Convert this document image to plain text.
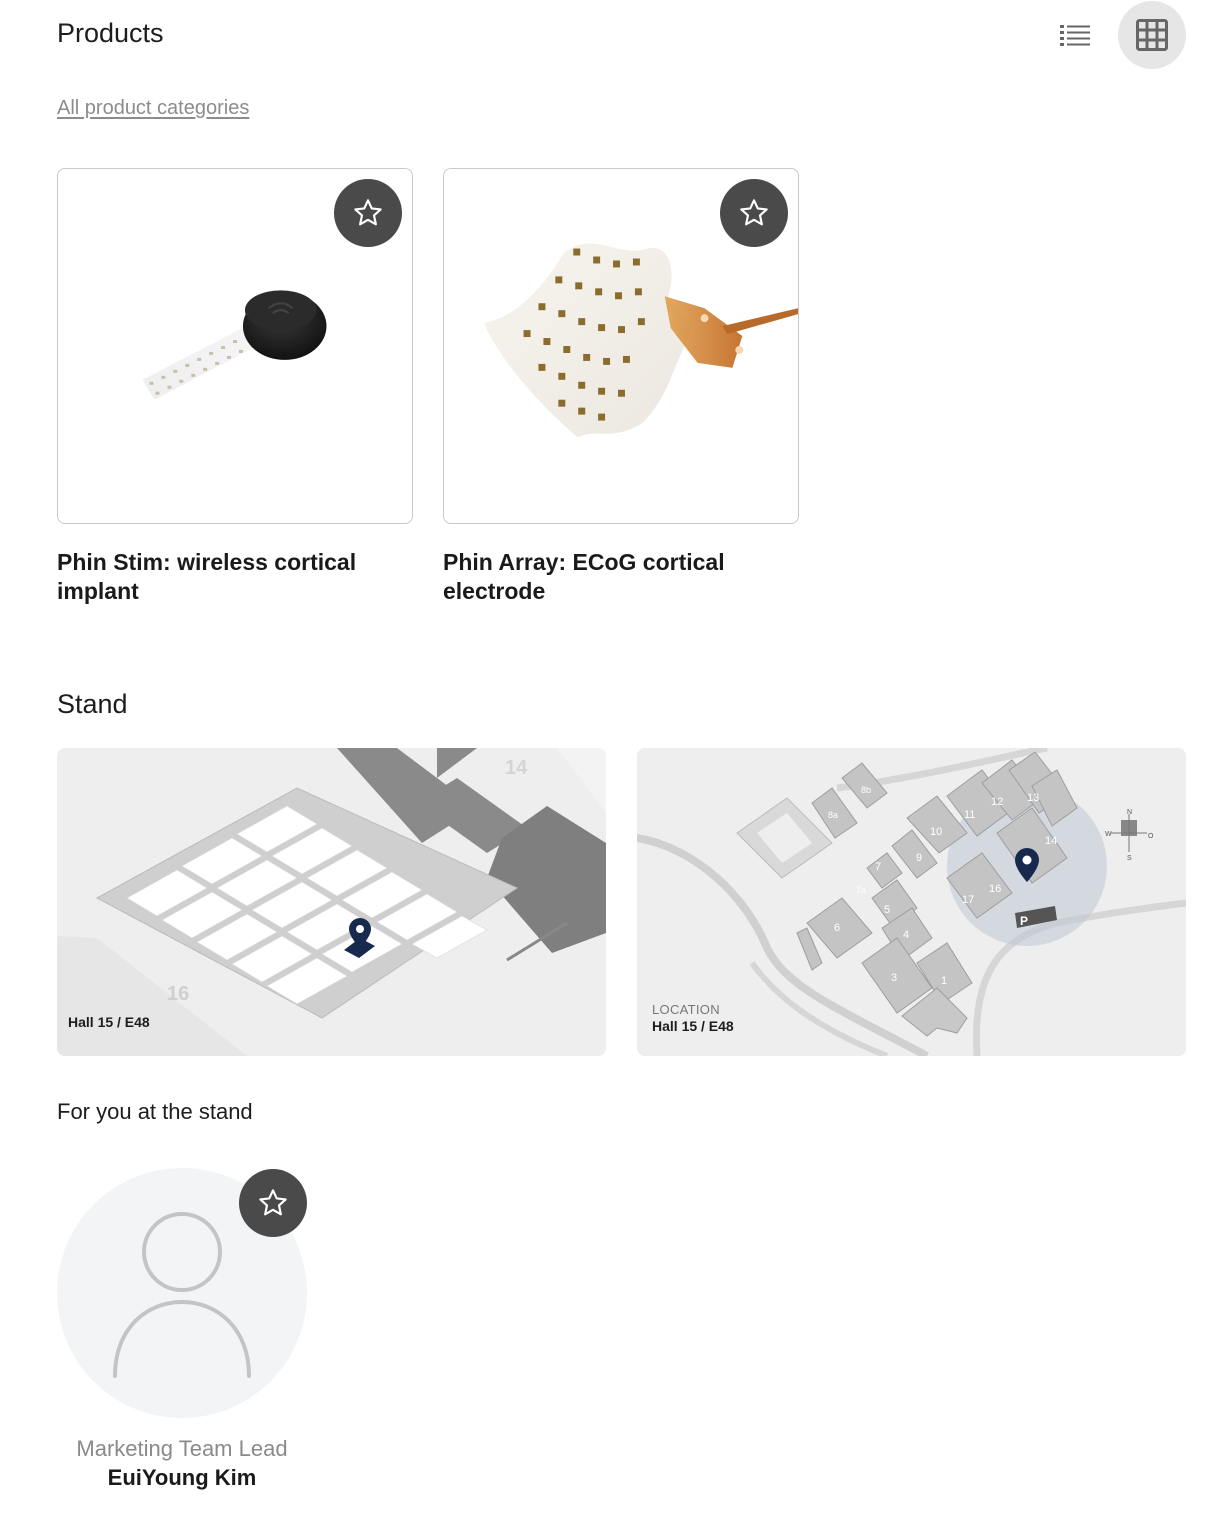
Products
All product categories
Phin Stim: wireless cortical implant
Phin Array: ECoG cortical electrode
Stand
14
16
Hall 15 / E48
1
3
4
5
6
7
7a
8a
8b
9
10
11
12 13
14
16
17
P
N
O
S
W
LOCATION
Hall 15 / E48
For you at the stand
Marketing Team Lead
EuiYoung Kim
